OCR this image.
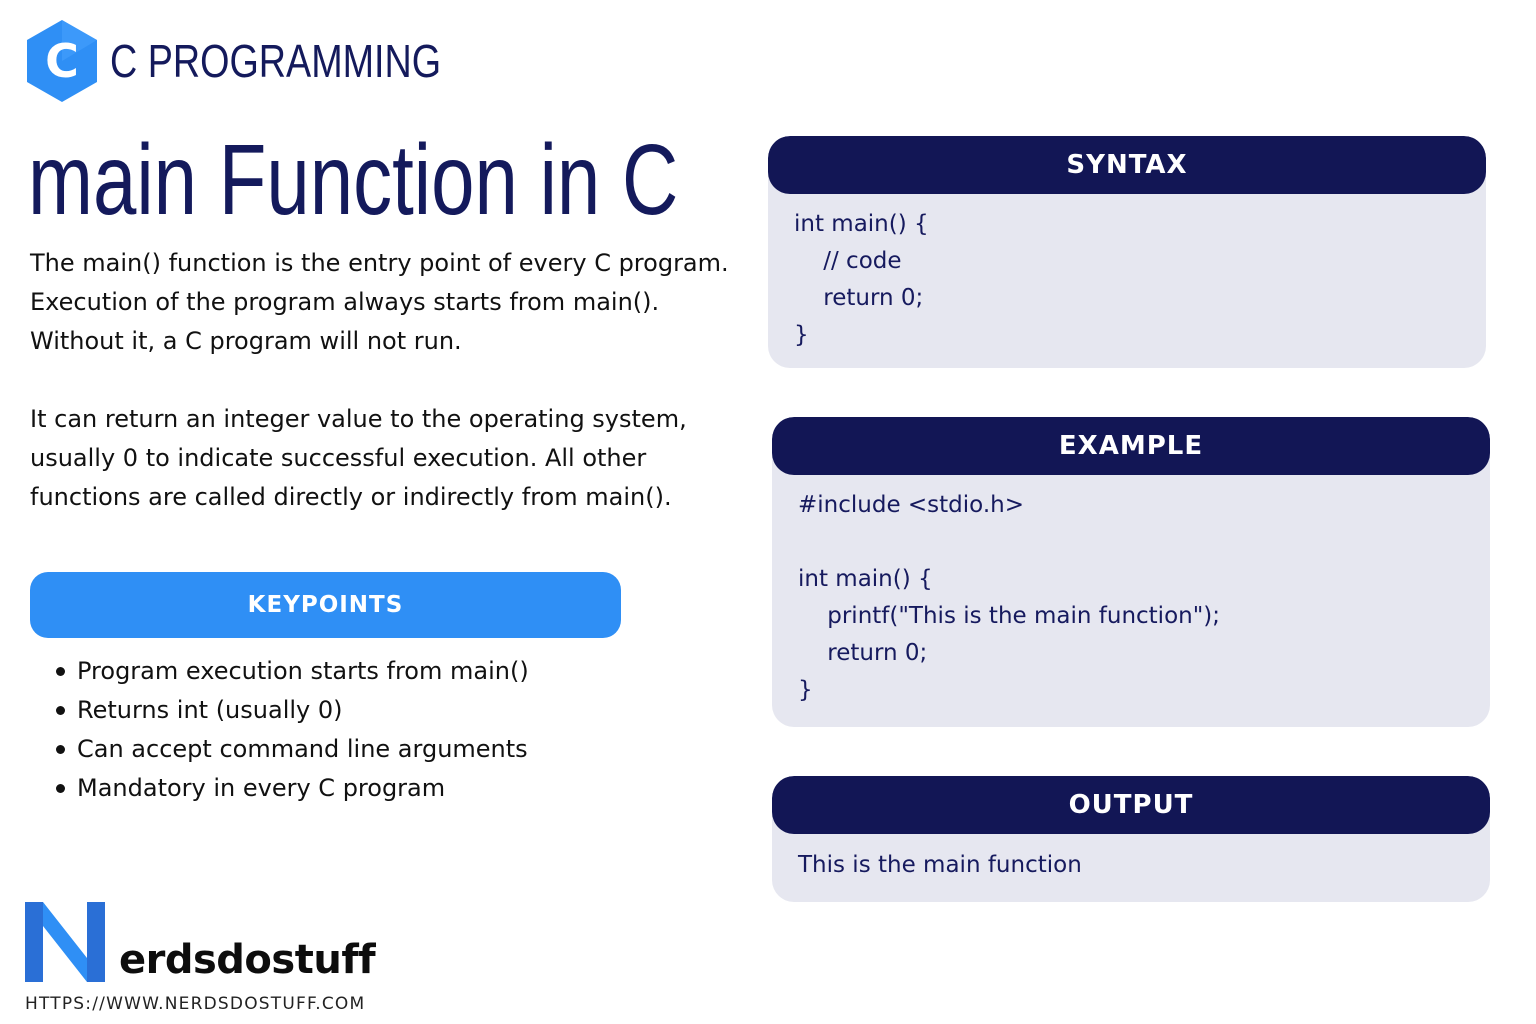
C C PROGRAMMING
main Function in C

The main() function is the entry point of every C program. Execution of the program always starts from main(). Without it, a C program will not run.

It can return an integer value to the operating system, usually 0 to indicate successful execution. All other functions are called directly or indirectly from main().

KEYPOINTS
Program execution starts from main()
Returns int (usually 0)
Can accept command line arguments
Mandatory in every C program
SYNTAX
int main() {
// code
return 0;
}
EXAMPLE
#include <stdio.h>
int main() {
printf("This is the main function");
return 0;
}
OUTPUT
This is the main function
erdsdostuff
HTTPS://WWW.NERDSDOSTUFF.COM
